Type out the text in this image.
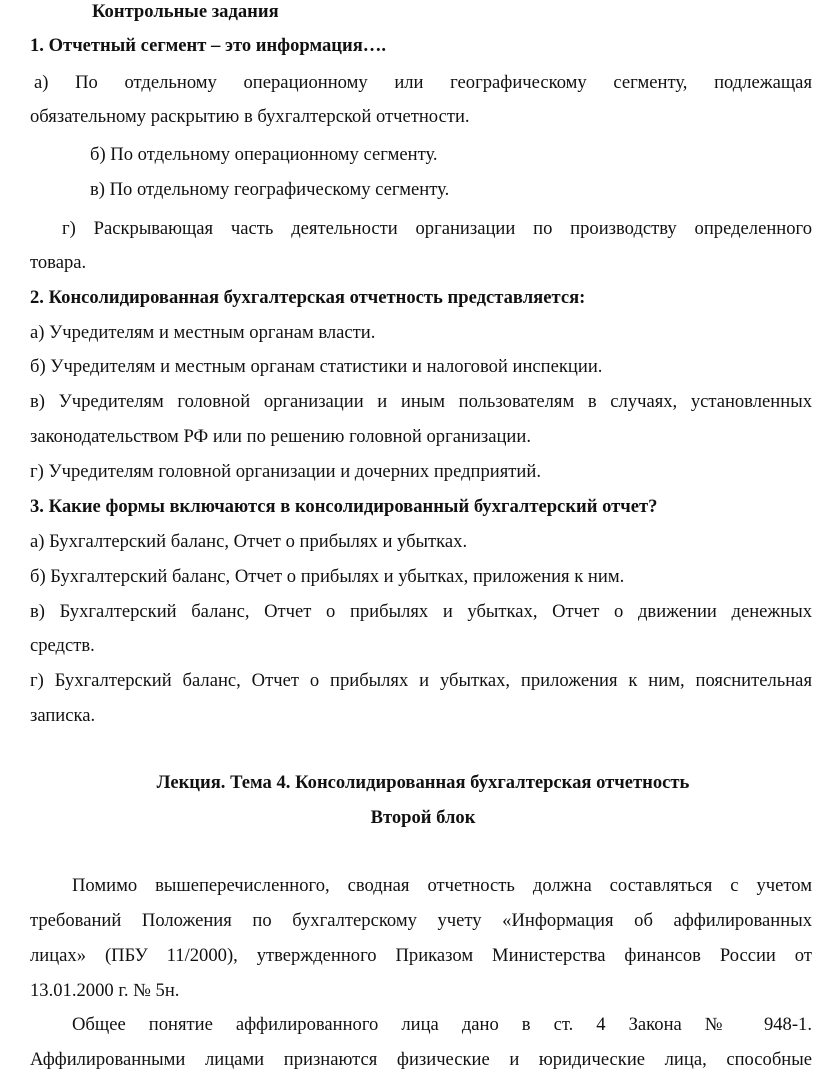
Контрольные задания
1. Отчетный сегмент – это информация….
а) По отдельному операционному или географическому сегменту, подлежащая
обязательному раскрытию в бухгалтерской отчетности.
б) По отдельному операционному сегменту.
в) По отдельному географическому сегменту.
г) Раскрывающая часть деятельности организации по производству определенного
товара.
2. Консолидированная бухгалтерская отчетность представляется:
а) Учредителям и местным органам власти.
б) Учредителям и местным органам статистики и налоговой инспекции.
в) Учредителям головной организации и иным пользователям в случаях, установленных
законодательством РФ или по решению головной организации.
г) Учредителям головной организации и дочерних предприятий.
3. Какие формы включаются в консолидированный бухгалтерский отчет?
а) Бухгалтерский баланс, Отчет о прибылях и убытках.
б) Бухгалтерский баланс, Отчет о прибылях и убытках, приложения к ним.
в) Бухгалтерский баланс, Отчет о прибылях и убытках, Отчет о движении денежных
средств.
г) Бухгалтерский баланс, Отчет о прибылях и убытках, приложения к ним, пояснительная
записка.
Лекция. Тема 4. Консолидированная бухгалтерская отчетность
Второй блок
Помимо вышеперечисленного, сводная отчетность должна составляться с учетом
требований Положения по бухгалтерскому учету «Информация об аффилированных
лицах» (ПБУ 11/2000), утвержденного Приказом Министерства финансов России от
13.01.2000 г. № 5н.
Общее понятие аффилированного лица дано в ст. 4 Закона № 948-1.
Аффилированными лицами признаются физические и юридические лица, способные
